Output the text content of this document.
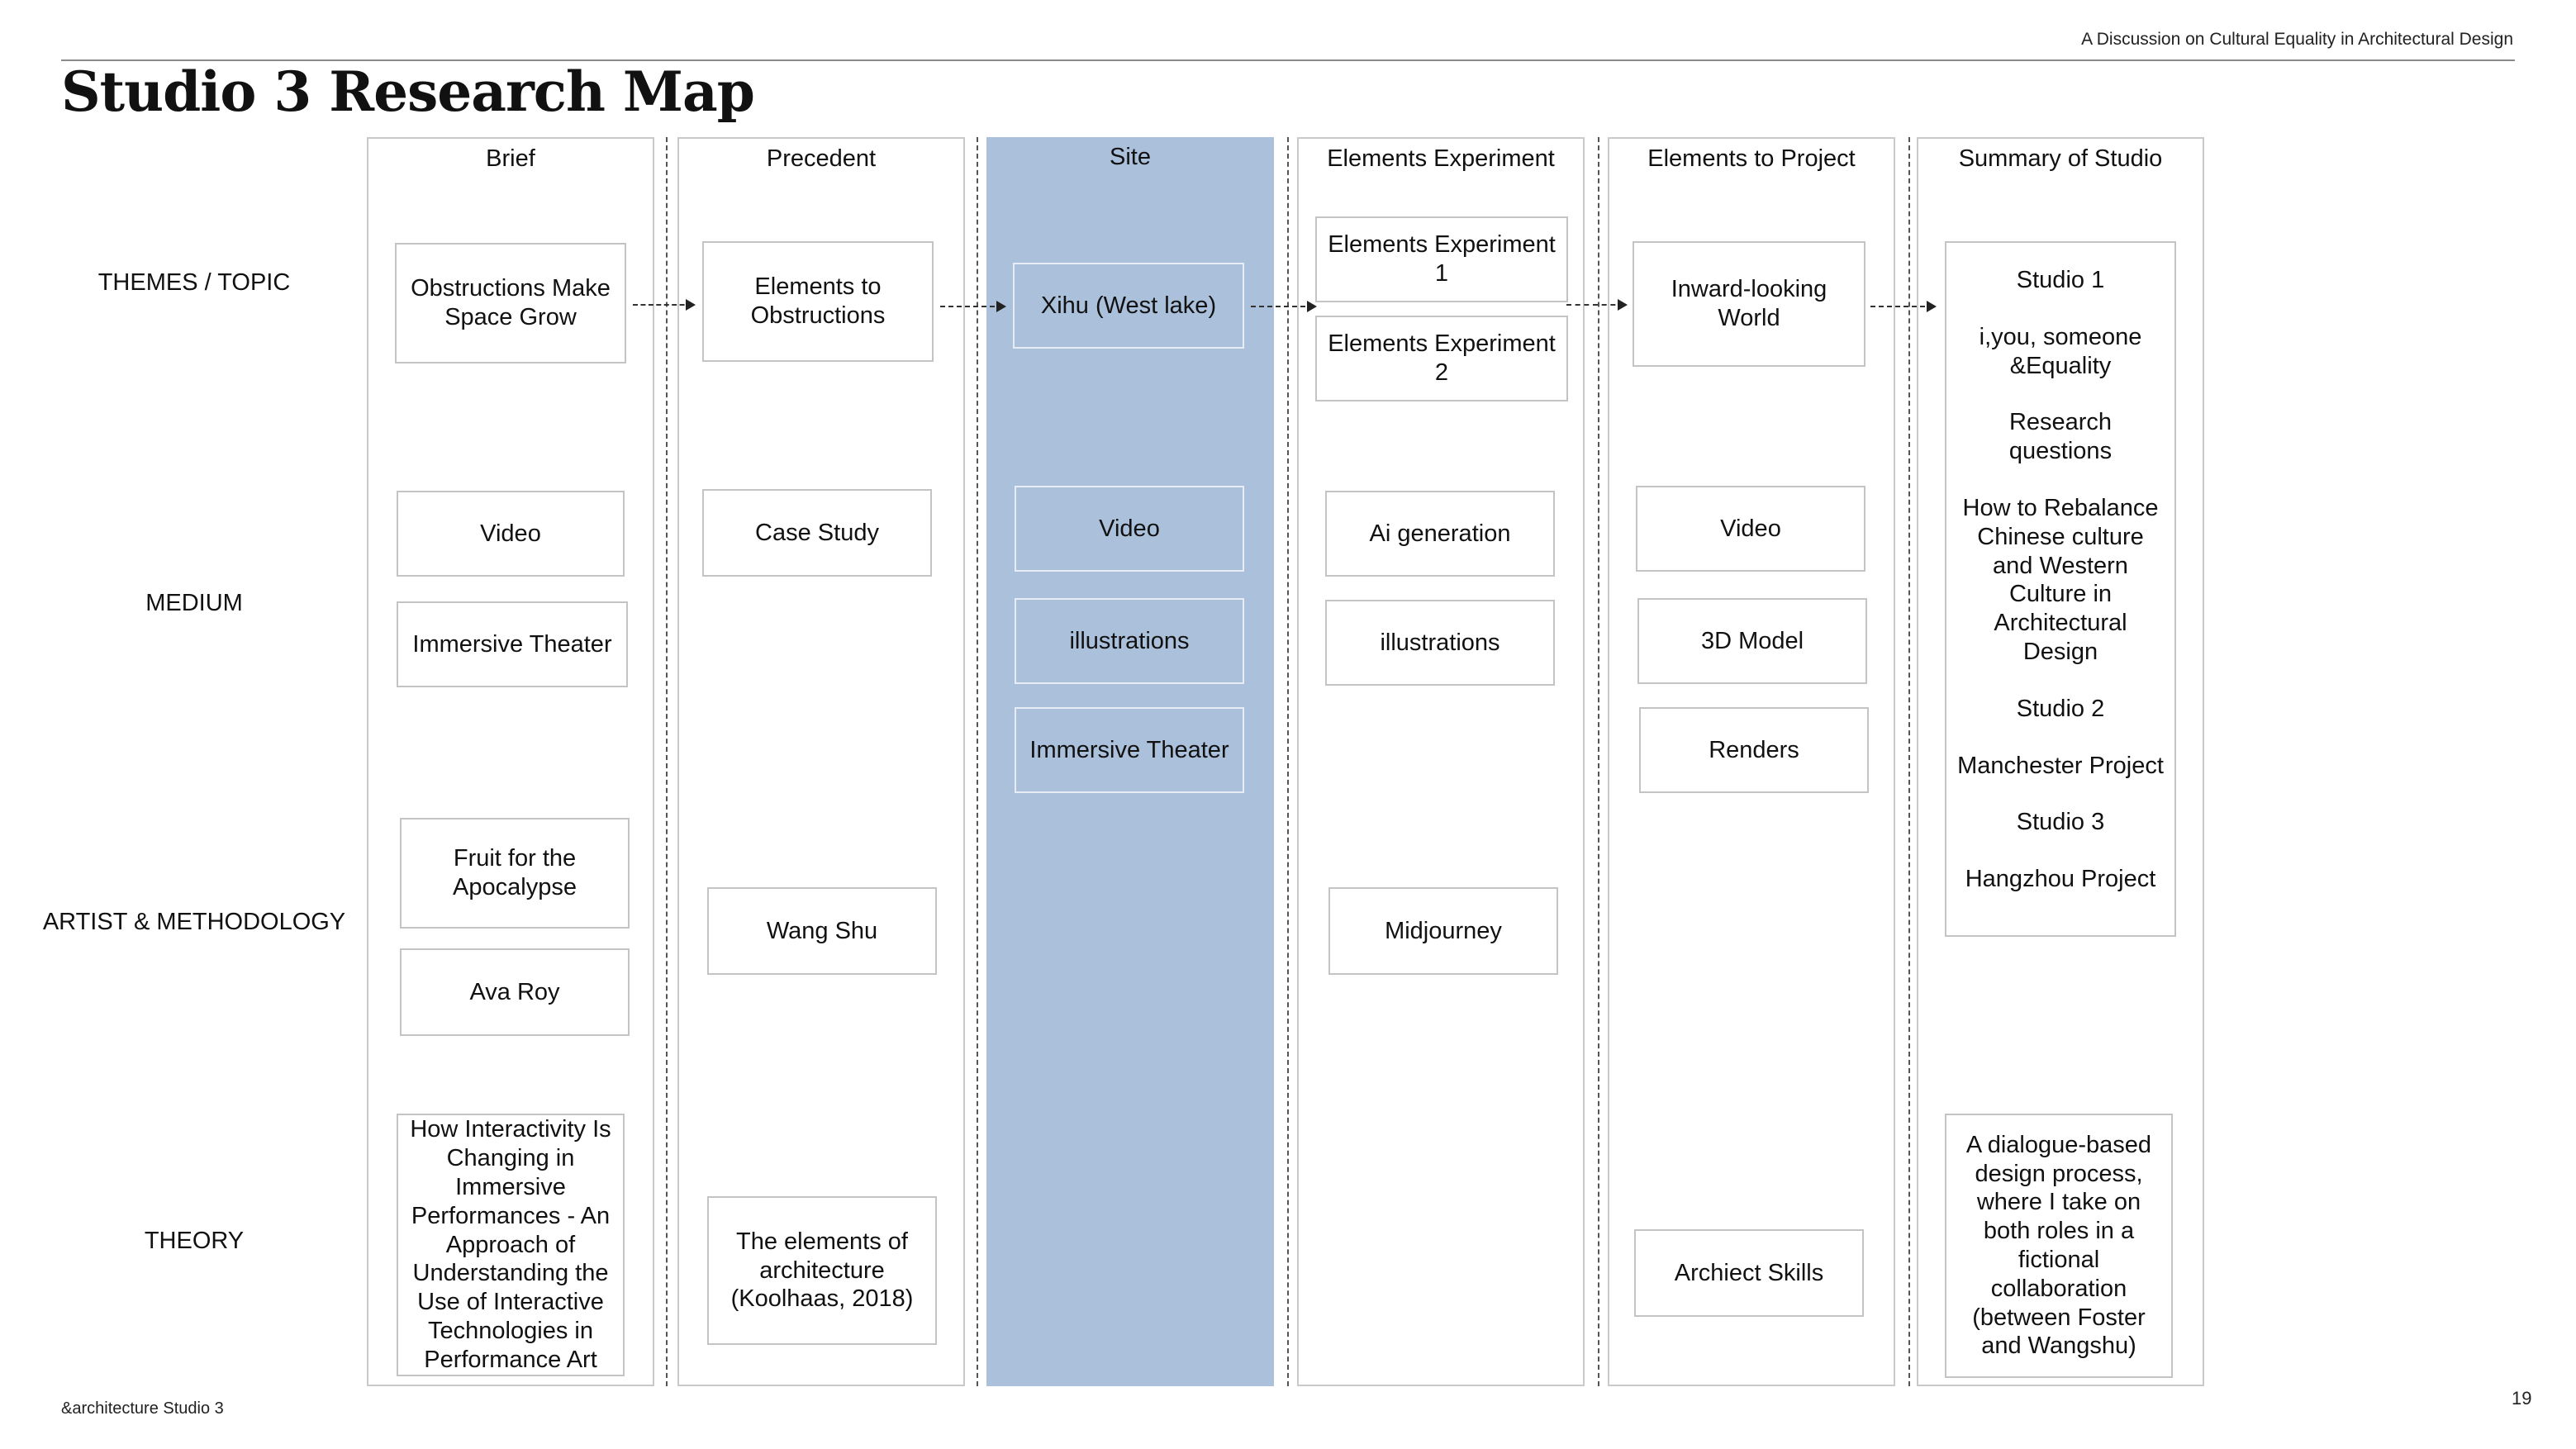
A Discussion on Cultural Equality in Architectural Design
Studio 3 Research Map
THEMES / TOPIC
MEDIUM
ARTIST & METHODOLOGY
THEORY
Brief
Obstructions Make Space Grow
Video
Immersive Theater
Fruit for the Apocalypse
Ava Roy
How Interactivity Is Changing in Immersive Performances - An Approach of Understanding the Use of Interactive Technologies in Performance Art
Precedent
Elements to Obstructions
Case Study
Wang Shu
The elements of architecture (Koolhaas, 2018)
Site
Xihu (West lake)
Video
illustrations
Immersive Theater
Elements Experiment
Elements Experiment 1
Elements Experiment 2
Ai generation
illustrations
Midjourney
Elements to Project
Inward-looking World
Video
3D Model
Renders
Archiect Skills
Summary of Studio

Studio 1

i,you, someone &Equality

Research questions

How to Rebalance Chinese culture and Western Culture in Architectural Design

Studio 2

Manchester Project

Studio 3

Hangzhou Project

A dialogue-based design process, where I take on both roles in a fictional collaboration (between Foster and Wangshu)
&architecture Studio 3	19
